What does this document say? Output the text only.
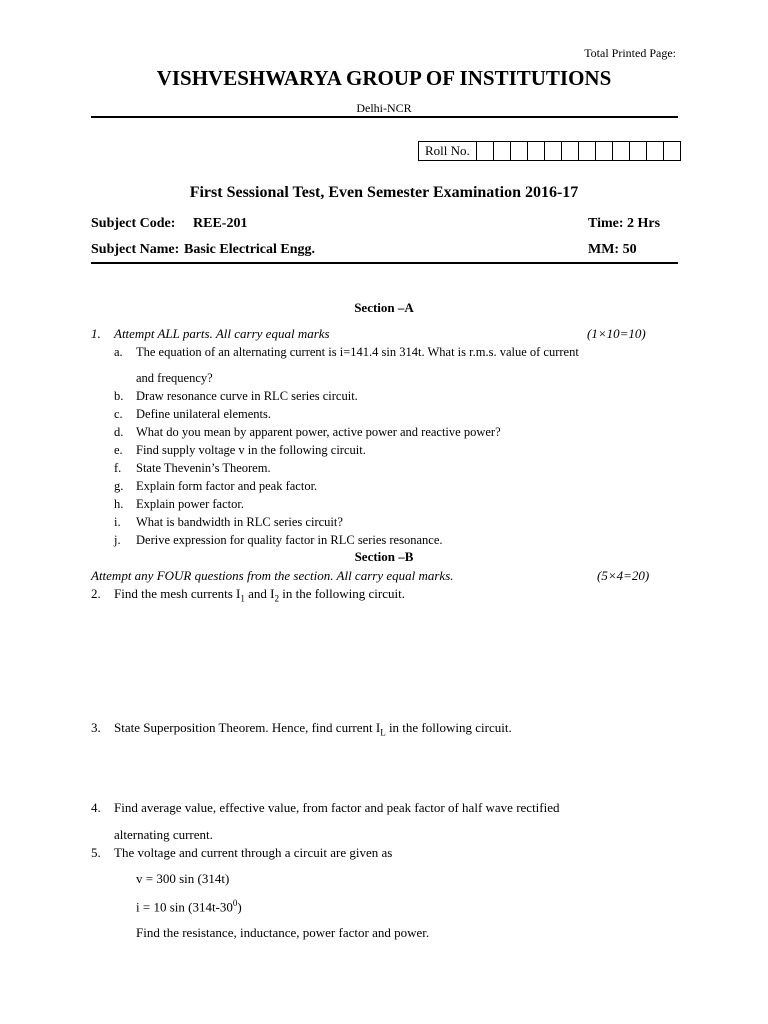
Total Printed Page:
VISHVESHWARYA GROUP OF INSTITUTIONS
Delhi-NCR
Roll No.
First Sessional Test, Even Semester Examination 2016-17
Subject Code: REE-201	Time: 2 Hrs
Subject Name: Basic Electrical Engg.	MM: 50
Section –A
1. Attempt ALL parts. All carry equal marks	(1×10=10)
a. The equation of an alternating current is i=141.4 sin 314t. What is r.m.s. value of current
and frequency?
b. Draw resonance curve in RLC series circuit.
c. Define unilateral elements.
d. What do you mean by apparent power, active power and reactive power?
e. Find supply voltage v in the following circuit.
f. State Thevenin’s Theorem.
g. Explain form factor and peak factor.
h. Explain power factor.
i. What is bandwidth in RLC series circuit?
j. Derive expression for quality factor in RLC series resonance.
Section –B
Attempt any FOUR questions from the section. All carry equal marks.	(5×4=20)
2. Find the mesh currents $I_1$ and $I_2$ in the following circuit.
3. State Superposition Theorem. Hence, find current $I_L$ in the following circuit.
4. Find average value, effective value, from factor and peak factor of half wave rectified
alternating current.
5. The voltage and current through a circuit are given as
v = 300 sin (314t)
i = 10 $\sin (314t-30^0)$
Find the resistance, inductance, power factor and power.
